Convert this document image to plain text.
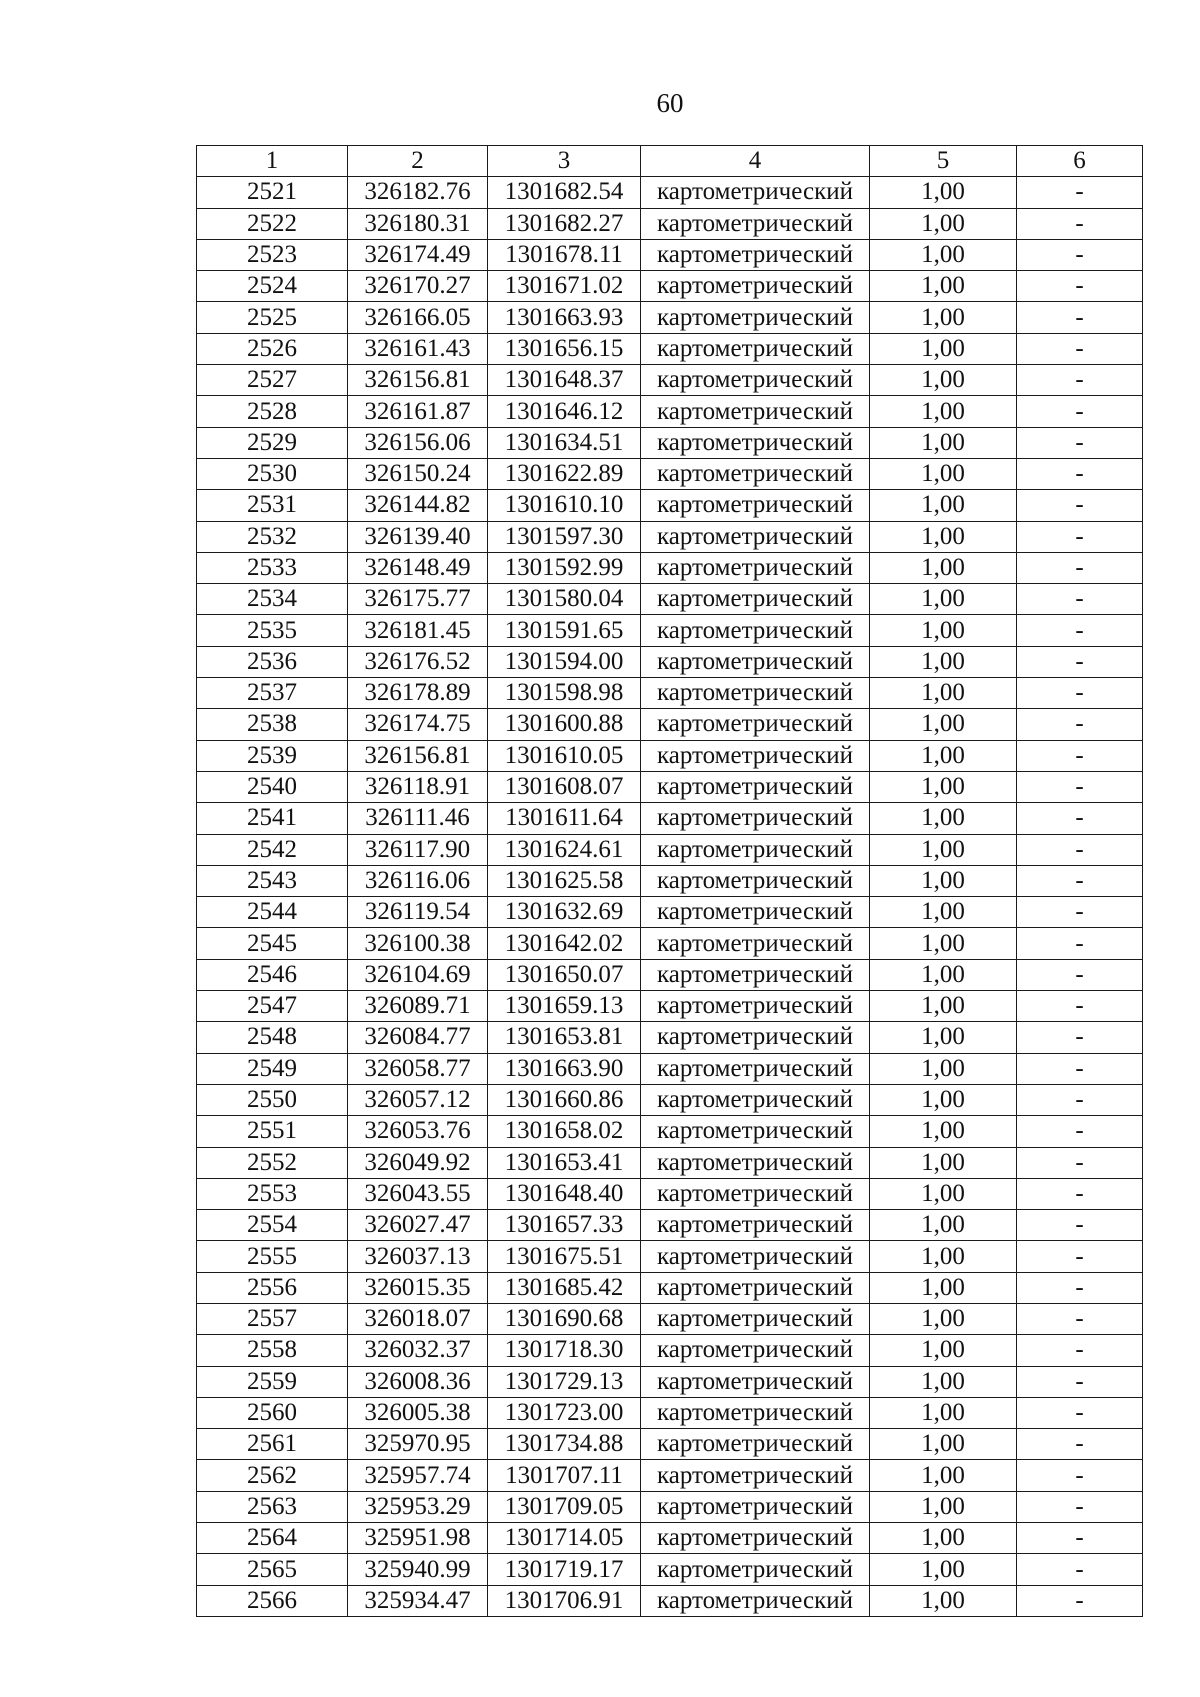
60
1	2	3	4	5	6
2521	326182.76	1301682.54	картометрический	1,00	-
2522	326180.31	1301682.27	картометрический	1,00	-
2523	326174.49	1301678.11	картометрический	1,00	-
2524	326170.27	1301671.02	картометрический	1,00	-
2525	326166.05	1301663.93	картометрический	1,00	-
2526	326161.43	1301656.15	картометрический	1,00	-
2527	326156.81	1301648.37	картометрический	1,00	-
2528	326161.87	1301646.12	картометрический	1,00	-
2529	326156.06	1301634.51	картометрический	1,00	-
2530	326150.24	1301622.89	картометрический	1,00	-
2531	326144.82	1301610.10	картометрический	1,00	-
2532	326139.40	1301597.30	картометрический	1,00	-
2533	326148.49	1301592.99	картометрический	1,00	-
2534	326175.77	1301580.04	картометрический	1,00	-
2535	326181.45	1301591.65	картометрический	1,00	-
2536	326176.52	1301594.00	картометрический	1,00	-
2537	326178.89	1301598.98	картометрический	1,00	-
2538	326174.75	1301600.88	картометрический	1,00	-
2539	326156.81	1301610.05	картометрический	1,00	-
2540	326118.91	1301608.07	картометрический	1,00	-
2541	326111.46	1301611.64	картометрический	1,00	-
2542	326117.90	1301624.61	картометрический	1,00	-
2543	326116.06	1301625.58	картометрический	1,00	-
2544	326119.54	1301632.69	картометрический	1,00	-
2545	326100.38	1301642.02	картометрический	1,00	-
2546	326104.69	1301650.07	картометрический	1,00	-
2547	326089.71	1301659.13	картометрический	1,00	-
2548	326084.77	1301653.81	картометрический	1,00	-
2549	326058.77	1301663.90	картометрический	1,00	-
2550	326057.12	1301660.86	картометрический	1,00	-
2551	326053.76	1301658.02	картометрический	1,00	-
2552	326049.92	1301653.41	картометрический	1,00	-
2553	326043.55	1301648.40	картометрический	1,00	-
2554	326027.47	1301657.33	картометрический	1,00	-
2555	326037.13	1301675.51	картометрический	1,00	-
2556	326015.35	1301685.42	картометрический	1,00	-
2557	326018.07	1301690.68	картометрический	1,00	-
2558	326032.37	1301718.30	картометрический	1,00	-
2559	326008.36	1301729.13	картометрический	1,00	-
2560	326005.38	1301723.00	картометрический	1,00	-
2561	325970.95	1301734.88	картометрический	1,00	-
2562	325957.74	1301707.11	картометрический	1,00	-
2563	325953.29	1301709.05	картометрический	1,00	-
2564	325951.98	1301714.05	картометрический	1,00	-
2565	325940.99	1301719.17	картометрический	1,00	-
2566	325934.47	1301706.91	картометрический	1,00	-
